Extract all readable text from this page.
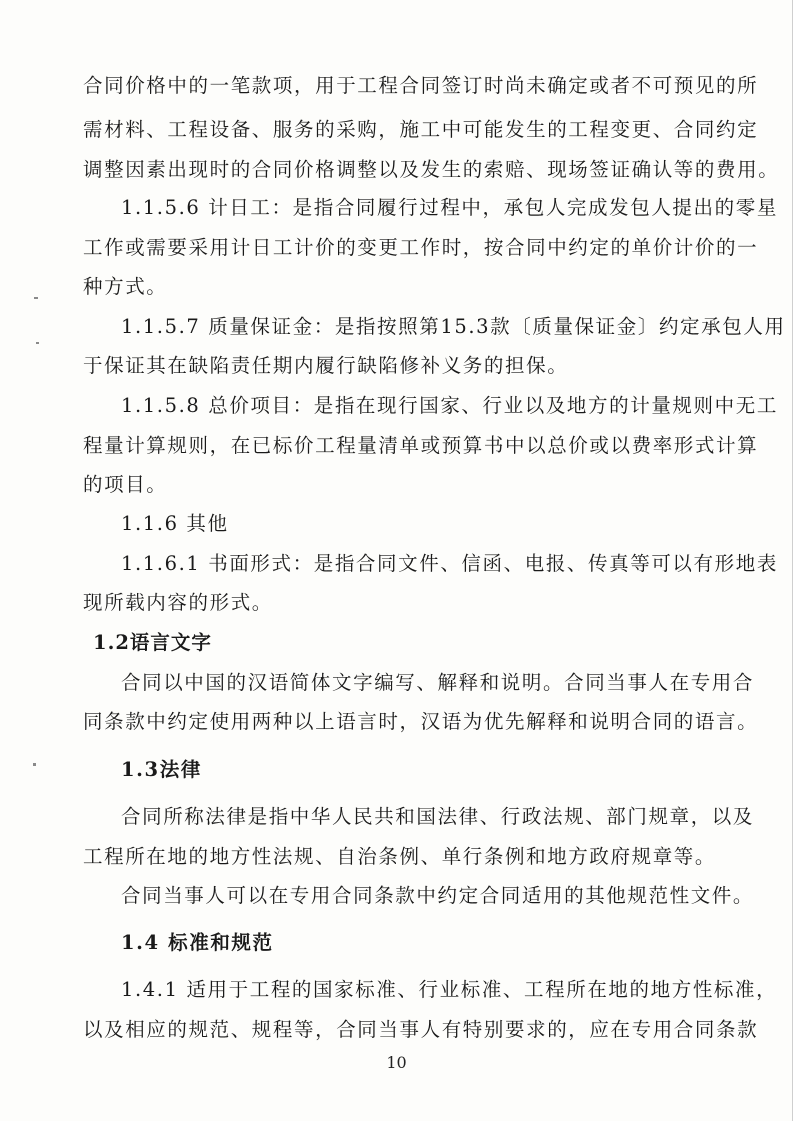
合同价格中的一笔款项，用于工程合同签订时尚未确定或者不可预见的所
需材料、工程设备、服务的采购，施工中可能发生的工程变更、合同约定
调整因素出现时的合同价格调整以及发生的索赔、现场签证确认等的费用。
1.1.5.6 计日工：是指合同履行过程中，承包人完成发包人提出的零星
工作或需要采用计日工计价的变更工作时，按合同中约定的单价计价的一
种方式。
1.1.5.7 质量保证金：是指按照第15.3款〔质量保证金〕约定承包人用
于保证其在缺陷责任期内履行缺陷修补义务的担保。
1.1.5.8 总价项目：是指在现行国家、行业以及地方的计量规则中无工
程量计算规则，在已标价工程量清单或预算书中以总价或以费率形式计算
的项目。
1.1.6 其他
1.1.6.1 书面形式：是指合同文件、信函、电报、传真等可以有形地表
现所载内容的形式。
1.2语言文字
合同以中国的汉语简体文字编写、解释和说明。合同当事人在专用合
同条款中约定使用两种以上语言时，汉语为优先解释和说明合同的语言。
1.3法律
合同所称法律是指中华人民共和国法律、行政法规、部门规章，以及
工程所在地的地方性法规、自治条例、单行条例和地方政府规章等。
合同当事人可以在专用合同条款中约定合同适用的其他规范性文件。
1.4 标准和规范
1.4.1 适用于工程的国家标准、行业标准、工程所在地的地方性标准，
以及相应的规范、规程等，合同当事人有特别要求的，应在专用合同条款
10
